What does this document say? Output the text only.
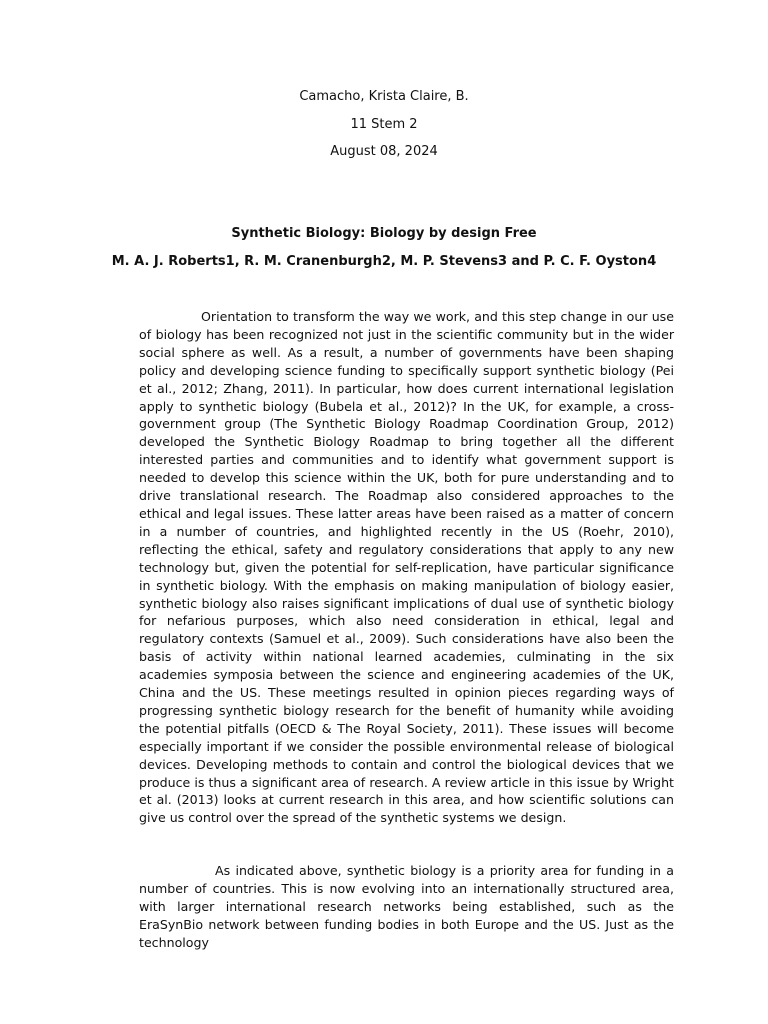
Camacho, Krista Claire, B.
11 Stem 2
August 08, 2024
Synthetic Biology: Biology by design Free
M. A. J. Roberts1, R. M. Cranenburgh2, M. P. Stevens3 and P. C. F. Oyston4

Orientation to transform the way we work, and this step change in our use of biology has been recognized not just in the scientific community but in the wider social sphere as well. As a result, a number of governments have been shaping policy and developing science funding to specifically support synthetic biology (Pei et al., 2012; Zhang, 2011). In particular, how does current international legislation apply to synthetic biology (Bubela et al., 2012)? In the UK, for example, a cross-government group (The Synthetic Biology Roadmap Coordination Group, 2012) developed the Synthetic Biology Roadmap to bring together all the different interested parties and communities and to identify what government support is needed to develop this science within the UK, both for pure understanding and to drive translational research. The Roadmap also considered approaches to the ethical and legal issues. These latter areas have been raised as a matter of concern in a number of countries, and highlighted recently in the US (Roehr, 2010), reflecting the ethical, safety and regulatory considerations that apply to any new technology but, given the potential for self-replication, have particular significance in synthetic biology. With the emphasis on making manipulation of biology easier, synthetic biology also raises significant implications of dual use of synthetic biology for nefarious purposes, which also need consideration in ethical, legal and regulatory contexts (Samuel et al., 2009). Such considerations have also been the basis of activity within national learned academies, culminating in the six academies symposia between the science and engineering academies of the UK, China and the US. These meetings resulted in opinion pieces regarding ways of progressing synthetic biology research for the benefit of humanity while avoiding the potential pitfalls (OECD & The Royal Society, 2011). These issues will become especially important if we consider the possible environmental release of biological devices. Developing methods to contain and control the biological devices that we produce is thus a significant area of research. A review article in this issue by Wright et al. (2013) looks at current research in this area, and how scientific solutions can give us control over the spread of the synthetic systems we design.

As indicated above, synthetic biology is a priority area for funding in a number of countries. This is now evolving into an internationally structured area, with larger international research networks being established, such as the EraSynBio network between funding bodies in both Europe and the US. Just as the technology
